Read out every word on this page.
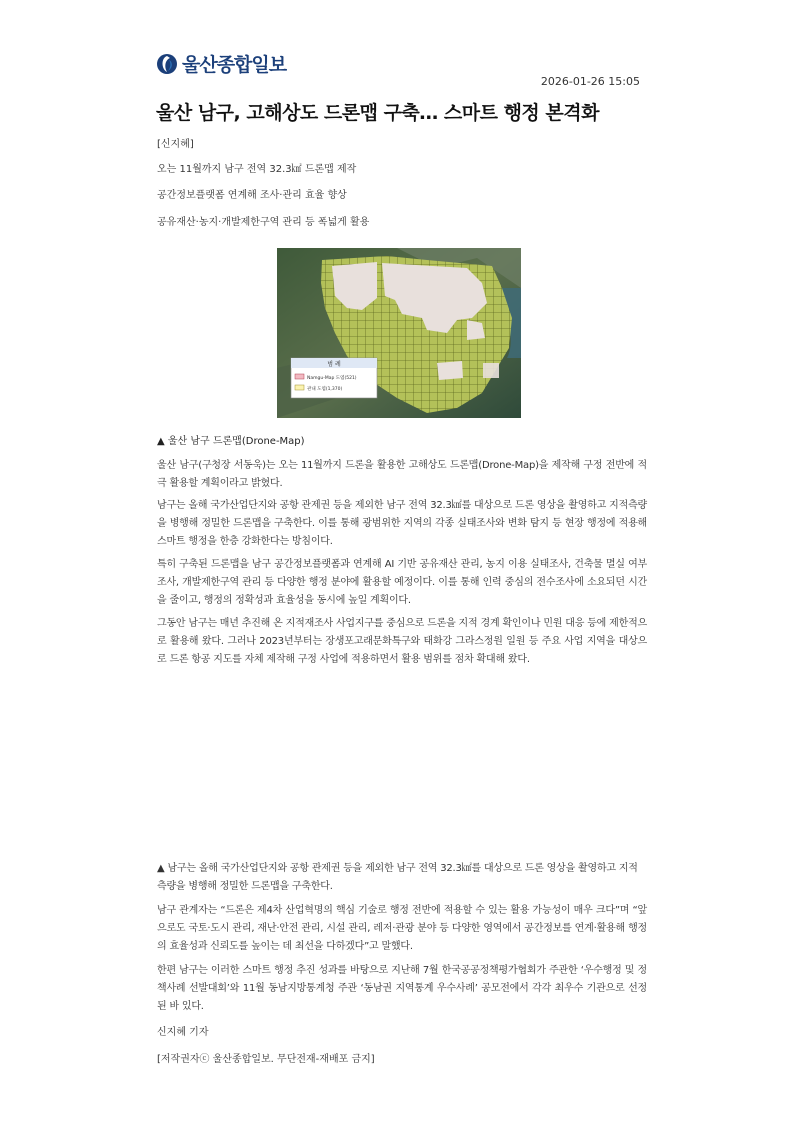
울산종합일보
2026-01-26 15:05
울산 남구, 고해상도 드론맵 구축… 스마트 행정 본격화
[신지혜]
오는 11월까지 남구 전역 32.3㎢ 드론맵 제작
공간정보플랫폼 연계해 조사·관리 효율 향상
공유재산·농지·개발제한구역 관리 등 폭넓게 활용
범 례
Namgu-Map 도엽(521)
관내 도엽(1,370)
▲ 울산 남구 드론맵(Drone-Map)

울산 남구(구청장 서동욱)는 오는 11월까지 드론을 활용한 고해상도 드론맵(Drone-Map)을 제작해 구정 전반에 적극 활용할 계획이라고 밝혔다.

남구는 올해 국가산업단지와 공항 관제권 등을 제외한 남구 전역 32.3㎢를 대상으로 드론 영상을 촬영하고 지적측량을 병행해 정밀한 드론맵을 구축한다. 이를 통해 광범위한 지역의 각종 실태조사와 변화 탐지 등 현장 행정에 적용해 스마트 행정을 한층 강화한다는 방침이다.

특히 구축된 드론맵을 남구 공간정보플랫폼과 연계해 AI 기반 공유재산 관리, 농지 이용 실태조사, 건축물 멸실 여부 조사, 개발제한구역 관리 등 다양한 행정 분야에 활용할 예정이다. 이를 통해 인력 중심의 전수조사에 소요되던 시간을 줄이고, 행정의 정확성과 효율성을 동시에 높일 계획이다.

그동안 남구는 매년 추진해 온 지적재조사 사업지구를 중심으로 드론을 지적 경계 확인이나 민원 대응 등에 제한적으로 활용해 왔다. 그러나 2023년부터는 장생포고래문화특구와 태화강 그라스정원 일원 등 주요 사업 지역을 대상으로 드론 항공 지도를 자체 제작해 구정 사업에 적용하면서 활용 범위를 점차 확대해 왔다.

▲ 남구는 올해 국가산업단지와 공항 관제권 등을 제외한 남구 전역 32.3㎢를 대상으로 드론 영상을 촬영하고 지적측량을 병행해 정밀한 드론맵을 구축한다.

남구 관계자는 “드론은 제4차 산업혁명의 핵심 기술로 행정 전반에 적용할 수 있는 활용 가능성이 매우 크다”며 “앞으로도 국토·도시 관리, 재난·안전 관리, 시설 관리, 레저·관광 분야 등 다양한 영역에서 공간정보를 연계·활용해 행정의 효율성과 신뢰도를 높이는 데 최선을 다하겠다”고 말했다.

한편 남구는 이러한 스마트 행정 추진 성과를 바탕으로 지난해 7월 한국공공정책평가협회가 주관한 ‘우수행정 및 정책사례 선발대회’와 11월 동남지방통계청 주관 ‘동남권 지역통계 우수사례’ 공모전에서 각각 최우수 기관으로 선정된 바 있다.

신지혜 기자
[저작권자ⓒ 울산종합일보. 무단전재-재배포 금지]
